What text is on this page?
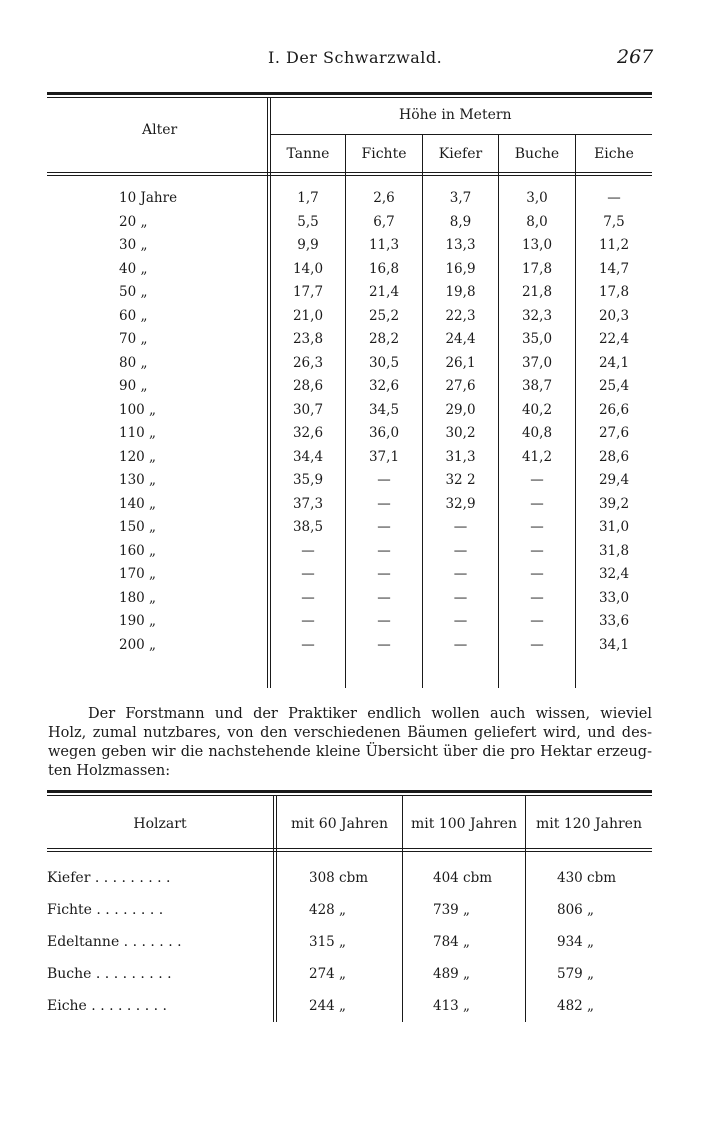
I. Der Schwarzwald.	267
Alter
Höhe in Metern
Tanne	Fichte	Kiefer	Buche	Eiche
10 Jahre	1,7	2,6	3,7	3,0	—
20 „	5,5	6,7	8,9	8,0	7,5
30 „	9,9	11,3	13,3	13,0	11,2
40 „	14,0	16,8	16,9	17,8	14,7
50 „	17,7	21,4	19,8	21,8	17,8
60 „	21,0	25,2	22,3	32,3	20,3
70 „	23,8	28,2	24,4	35,0	22,4
80 „	26,3	30,5	26,1	37,0	24,1
90 „	28,6	32,6	27,6	38,7	25,4
100 „	30,7	34,5	29,0	40,2	26,6
110 „	32,6	36,0	30,2	40,8	27,6
120 „	34,4	37,1	31,3	41,2	28,6
130 „	35,9	—	32 2	—	29,4
140 „	37,3	—	32,9	—	39,2
150 „	38,5	—	—	—	31,0
160 „	—	—	—	—	31,8
170 „	—	—	—	—	32,4
180 „	—	—	—	—	33,0
190 „	—	—	—	—	33,6
200 „	—	—	—	—	34,1
Der Forstmann und der Praktiker endlich wollen auch wissen, wieviel
Holz, zumal nutzbares, von den verschiedenen Bäumen geliefert wird, und des-
wegen geben wir die nachstehende kleine Übersicht über die pro Hektar erzeug-
ten Holzmassen:
Holzart	mit 60 Jahren	mit 100 Jahren	mit 120 Jahren
Kiefer . . . . . . . . .	308 cbm	404 cbm	430 cbm
Fichte . . . . . . . .	428 „	739 „	806 „
Edeltanne . . . . . . .	315 „	784 „	934 „
Buche . . . . . . . . .	274 „	489 „	579 „
Eiche . . . . . . . . .	244 „	413 „	482 „
